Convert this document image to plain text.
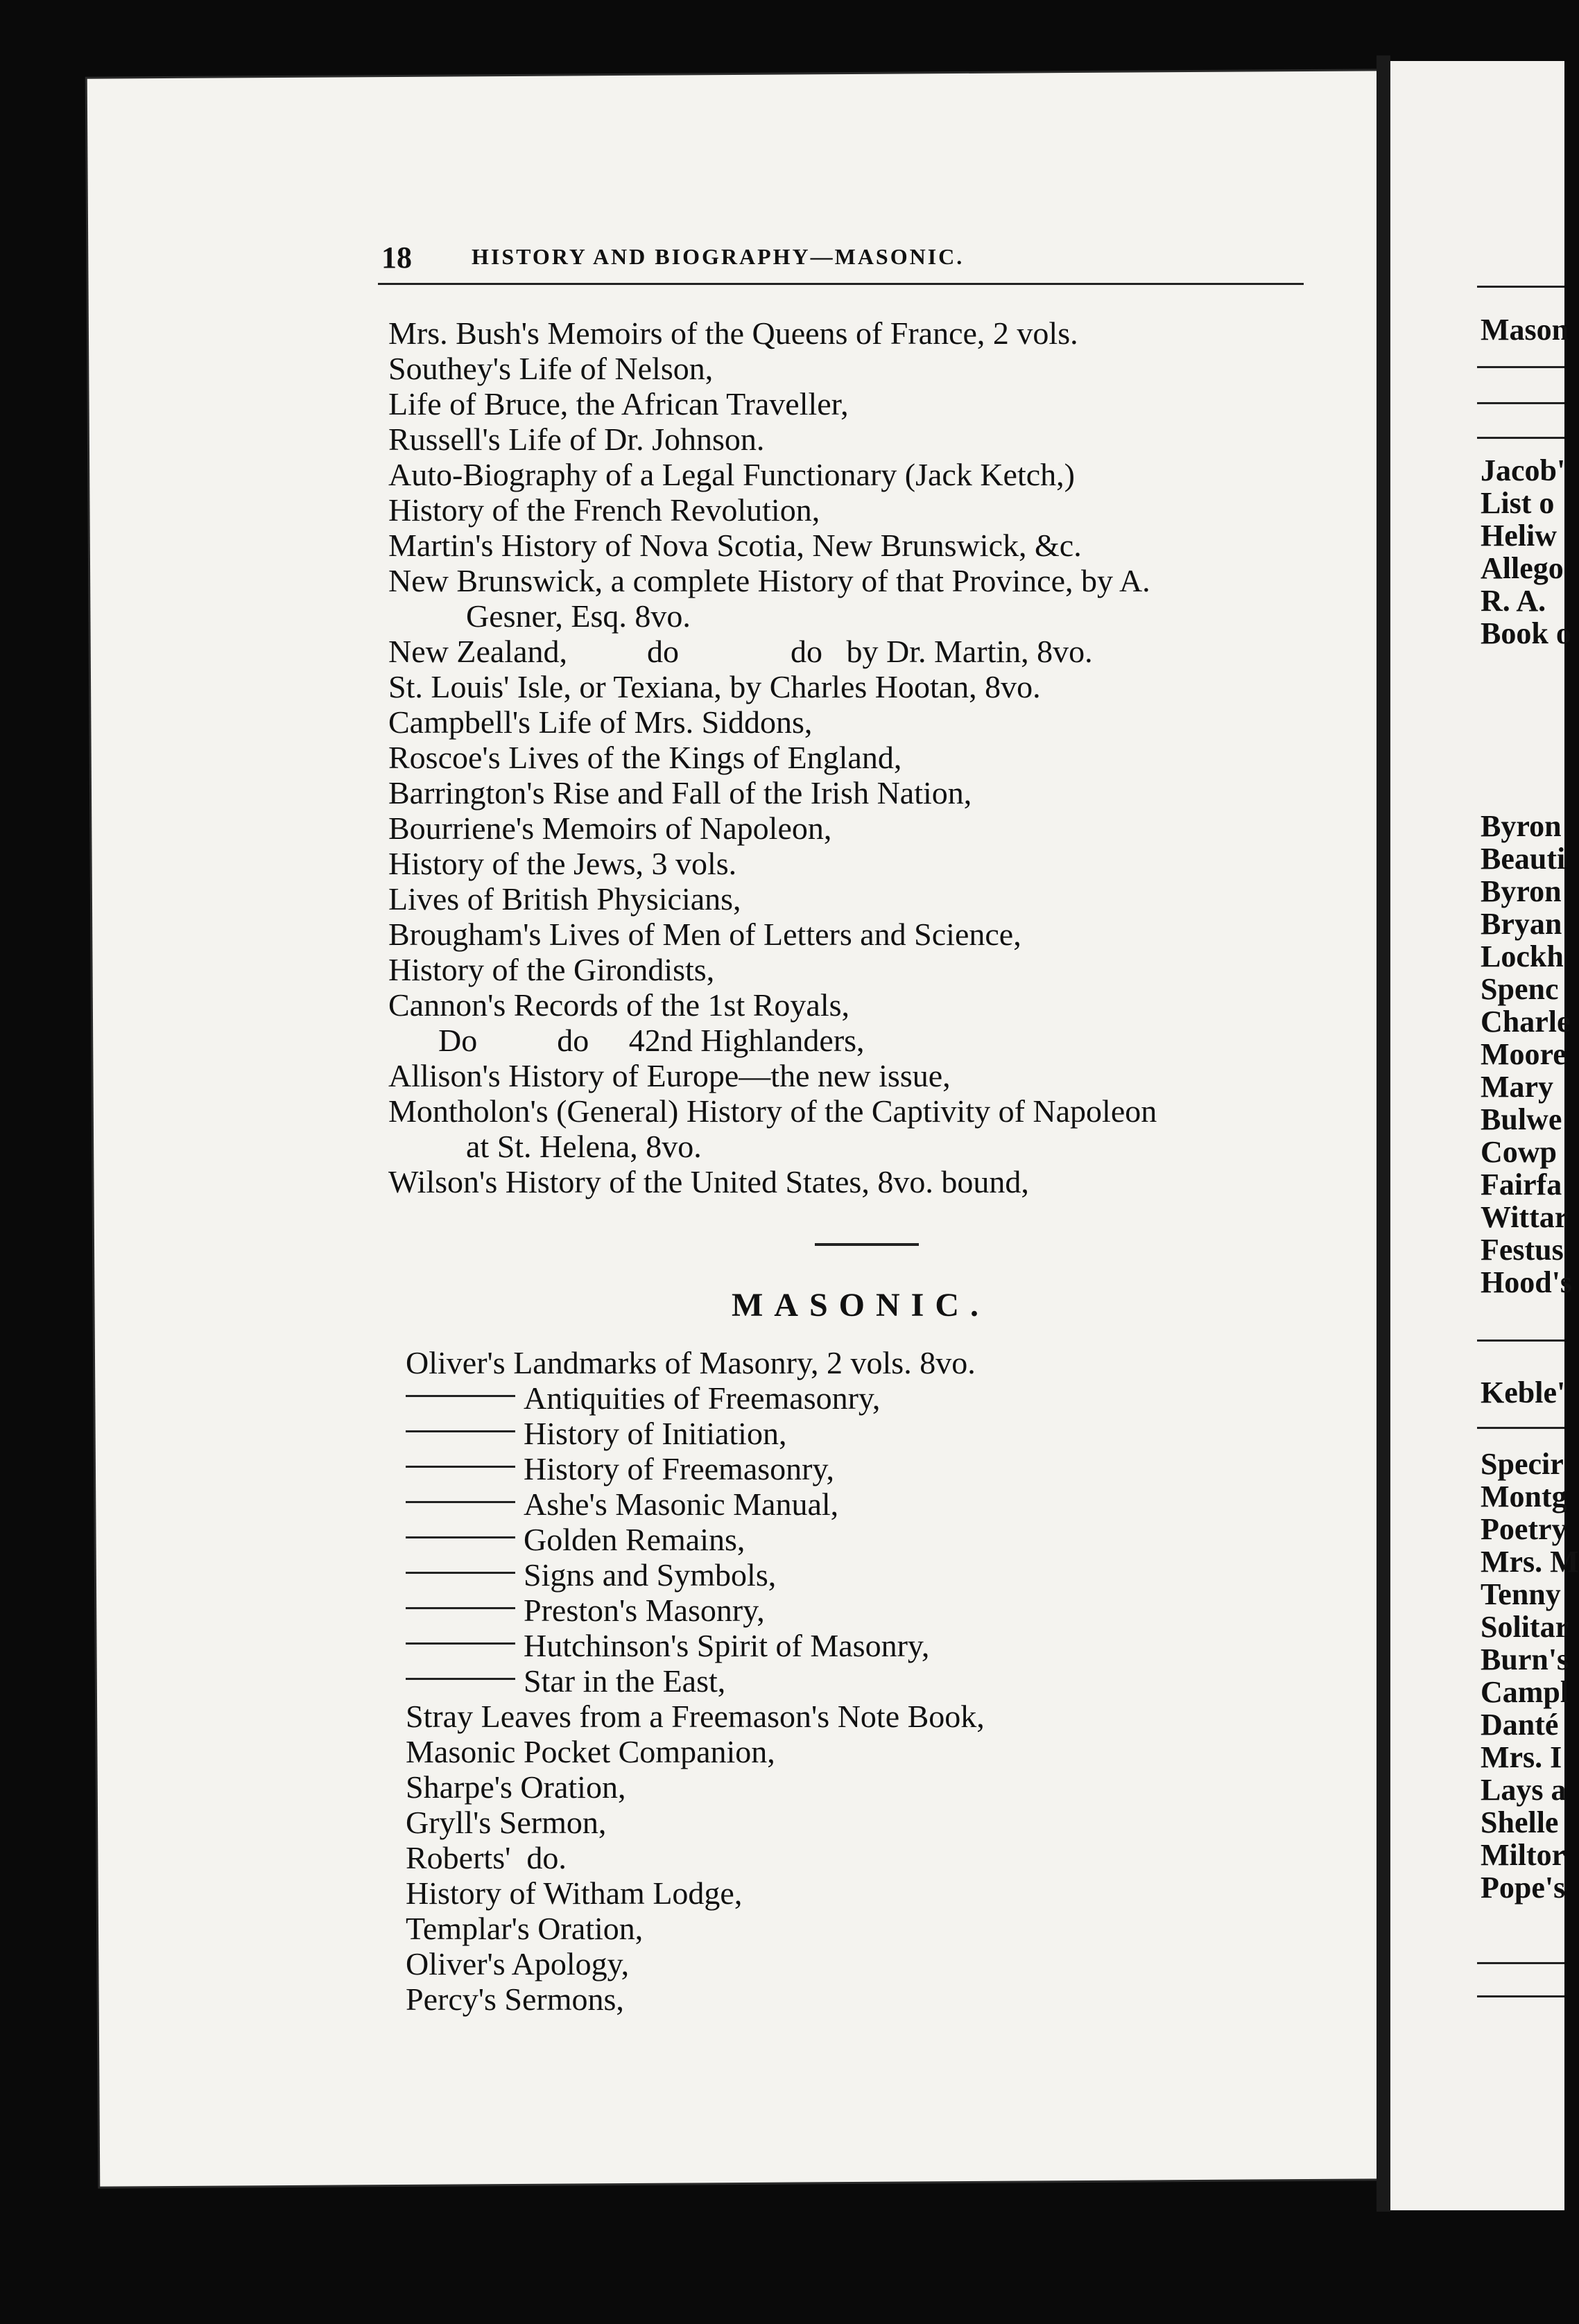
18	HISTORY AND BIOGRAPHY—MASONIC.
Mrs. Bush's Memoirs of the Queens of France, 2 vols.
Southey's Life of Nelson,
Life of Bruce, the African Traveller,
Russell's Life of Dr. Johnson.
Auto-Biography of a Legal Functionary (Jack Ketch,)
History of the French Revolution,
Martin's History of Nova Scotia, New Brunswick, &c.
New Brunswick, a complete History of that Province, by A.
Gesner, Esq. 8vo.
New Zealand,          do              do   by Dr. Martin, 8vo.
St. Louis' Isle, or Texiana, by Charles Hootan, 8vo.
Campbell's Life of Mrs. Siddons,
Roscoe's Lives of the Kings of England,
Barrington's Rise and Fall of the Irish Nation,
Bourriene's Memoirs of Napoleon,
History of the Jews, 3 vols.
Lives of British Physicians,
Brougham's Lives of Men of Letters and Science,
History of the Girondists,
Cannon's Records of the 1st Royals,
Do          do     42nd Highlanders,
Allison's History of Europe—the new issue,
Montholon's (General) History of the Captivity of Napoleon
at St. Helena, 8vo.
Wilson's History of the United States, 8vo. bound,
MASONIC.
Oliver's Landmarks of Masonry, 2 vols. 8vo.
Antiquities of Freemasonry,
History of Initiation,
History of Freemasonry,
Ashe's Masonic Manual,
Golden Remains,
Signs and Symbols,
Preston's Masonry,
Hutchinson's Spirit of Masonry,
Star in the East,
Stray Leaves from a Freemason's Note Book,
Masonic Pocket Companion,
Sharpe's Oration,
Gryll's Sermon,
Roberts'  do.
History of Witham Lodge,
Templar's Oration,
Oliver's Apology,
Percy's Sermons,
Mason
Jacob'
List o
Heliw
Allego
R. A.
Book o
Byron
Beauti
Byron
Bryan
Lockh
Spenc
Charle
Moore
Mary
Bulwe
Cowp
Fairfa
Wittar
Festus
Hood's
Keble'
Specir
Montg
Poetry
Mrs. M
Tenny
Solitar
Burn's
Campl
Danté
Mrs. I
Lays a
Shelle
Miltor
Pope's
